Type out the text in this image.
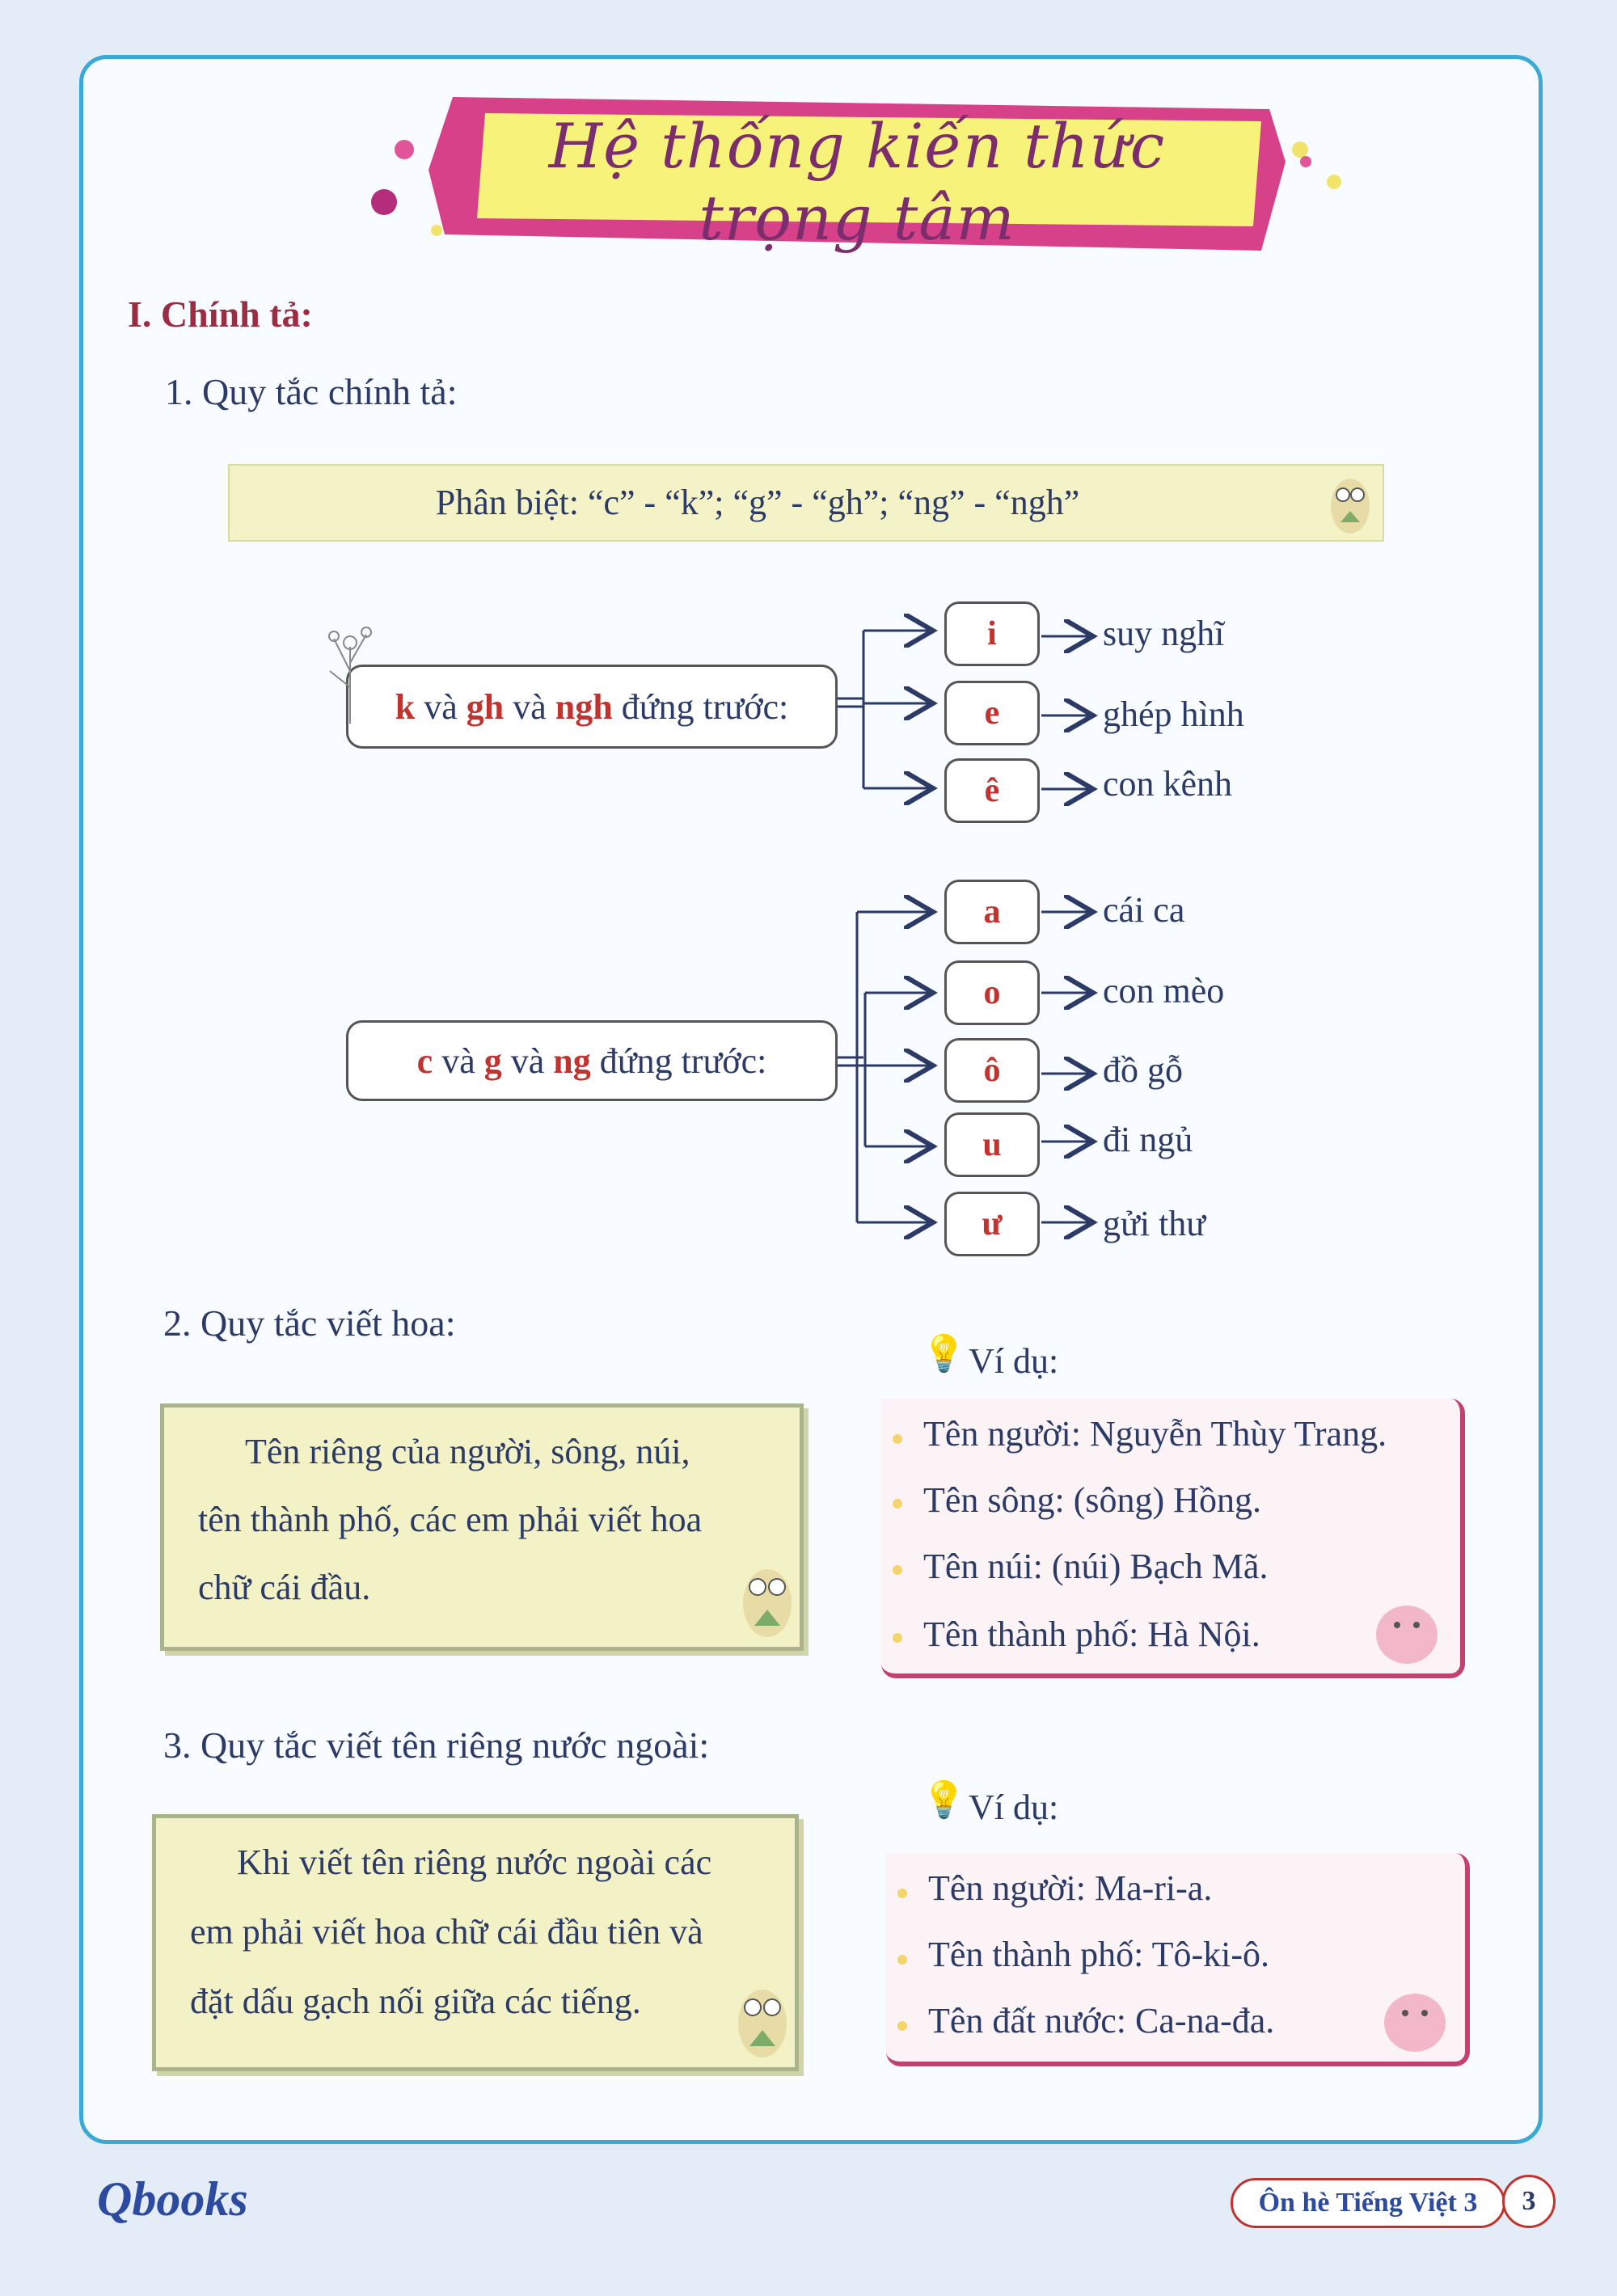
Hệ thống kiến thức trọng tâm
I. Chính tả:
1. Quy tắc chính tả:
Phân biệt: “c” - “k”; “g” - “gh”; “ng” - “ngh”
k và gh và ngh đứng trước:
i
e
ê
suy nghĩ
ghép hình
con kênh
c và g và ng đứng trước:
a
o
ô
u
ư
cái ca
con mèo
đồ gỗ
đi ngủ
gửi thư
2. Quy tắc viết hoa:

Tên riêng của người, sông, núi,

tên thành phố, các em phải viết hoa

chữ cái đầu.

💡 Ví dụ:
Tên người: Nguyễn Thùy Trang.
Tên sông: (sông) Hồng.
Tên núi: (núi) Bạch Mã.
Tên thành phố: Hà Nội.
3. Quy tắc viết tên riêng nước ngoài:

Khi viết tên riêng nước ngoài các

em phải viết hoa chữ cái đầu tiên và

đặt dấu gạch nối giữa các tiếng.

💡 Ví dụ:
Tên người: Ma-ri-a.
Tên thành phố: Tô-ki-ô.
Tên đất nước: Ca-na-đa.
Qbooks	Ôn hè Tiếng Việt 3	3
